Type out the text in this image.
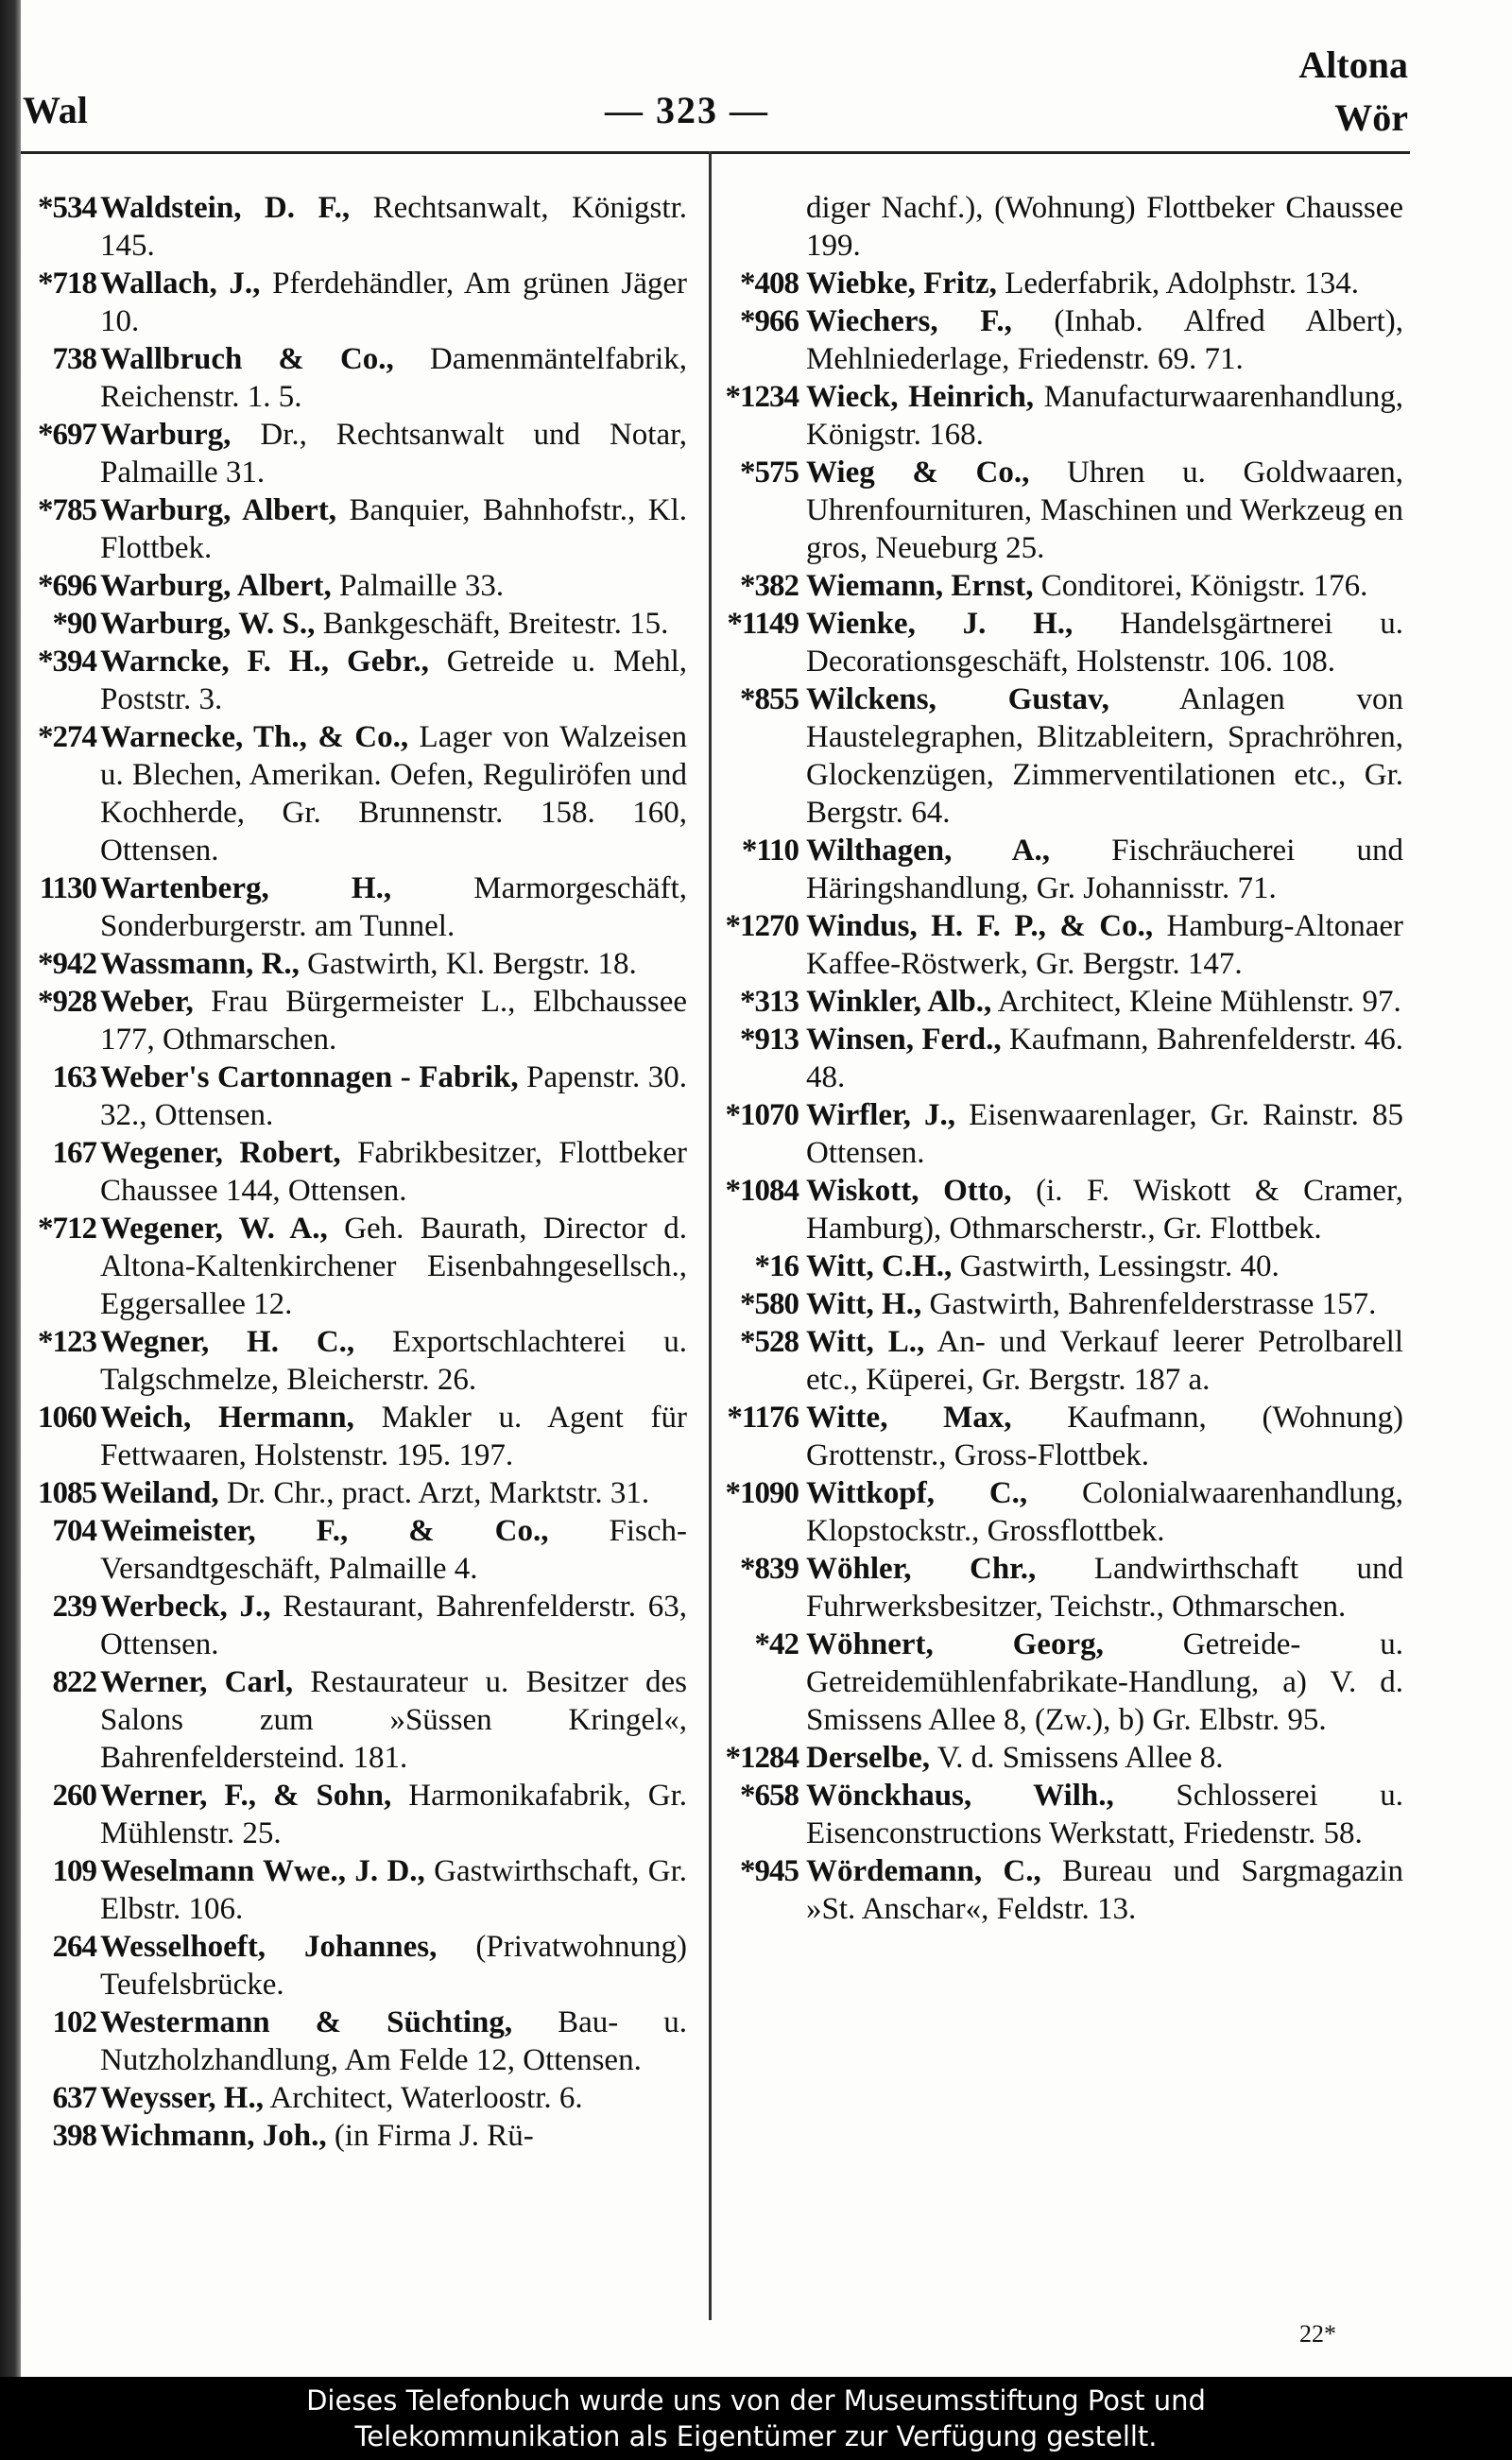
Wal	— 323 —
Altona
Wör
*534 Waldstein, D. F., Rechtsanwalt, Königstr. 145.
*718 Wallach, J., Pferdehändler, Am grünen Jäger 10.
738 Wallbruch & Co., Damenmäntelfabrik, Reichenstr. 1. 5.
*697 Warburg, Dr., Rechtsanwalt und Notar, Palmaille 31.
*785 Warburg, Albert, Banquier, Bahnhofstr., Kl. Flottbek.
*696 Warburg, Albert, Palmaille 33.
*90 Warburg, W. S., Bankgeschäft, Breitestr. 15.
*394 Warncke, F. H., Gebr., Getreide u. Mehl, Poststr. 3.
*274 Warnecke, Th., & Co., Lager von Walzeisen u. Blechen, Amerikan. Oefen, Reguliröfen und Kochherde, Gr. Brunnenstr. 158. 160, Ottensen.
1130 Wartenberg, H.,	Marmorgeschäft, Sonderburgerstr. am Tunnel.
*942 Wassmann, R., Gastwirth, Kl. Bergstr. 18.
*928 Weber, Frau Bürgermeister L., Elbchaussee 177, Othmarschen.
163 Weber's Cartonnagen - Fabrik, Papenstr. 30. 32., Ottensen.
167 Wegener, Robert, Fabrikbesitzer, Flottbeker Chaussee 144, Ottensen.
*712 Wegener, W. A., Geh. Baurath, Director d. Altona-Kaltenkirchener Eisenbahngesellsch., Eggersallee 12.
*123 Wegner, H. C., Exportschlachterei u. Talgschmelze, Bleicherstr. 26.
1060 Weich, Hermann, Makler u. Agent für Fettwaaren, Holstenstr. 195. 197.
1085 Weiland, Dr. Chr., pract. Arzt, Marktstr. 31.
704 Weimeister, F., & Co., Fisch-Versandtgeschäft, Palmaille 4.
239 Werbeck, J., Restaurant, Bahrenfelderstr. 63, Ottensen.
822 Werner, Carl, Restaurateur u. Besitzer des Salons zum »Süssen Kringel«, Bahrenfeldersteind. 181.
260 Werner, F., & Sohn, Harmonikafabrik, Gr. Mühlenstr. 25.
109 Weselmann Wwe., J. D., Gastwirthschaft, Gr. Elbstr. 106.
264 Wesselhoeft, Johannes, (Privatwohnung) Teufelsbrücke.
102 Westermann & Süchting, Bau- u. Nutzholzhandlung, Am Felde 12, Ottensen.
637 Weysser, H., Architect, Waterloostr. 6.
398 Wichmann, Joh., (in Firma J. Rü-
diger Nachf.), (Wohnung) Flottbeker Chaussee 199.
*408 Wiebke, Fritz, Lederfabrik, Adolphstr. 134.
*966 Wiechers, F., (Inhab. Alfred Albert), Mehlniederlage, Friedenstr. 69. 71.
*1234 Wieck, Heinrich, Manufacturwaarenhandlung, Königstr. 168.
*575 Wieg & Co., Uhren u. Goldwaaren, Uhrenfournituren, Maschinen und Werkzeug en gros, Neueburg 25.
*382 Wiemann, Ernst, Conditorei, Königstr. 176.
*1149 Wienke, J. H., Handelsgärtnerei u. Decorationsgeschäft, Holstenstr. 106. 108.
*855 Wilckens, Gustav, Anlagen von Haustelegraphen, Blitzableitern, Sprachröhren, Glockenzügen, Zimmerventilationen etc., Gr. Bergstr. 64.
*110 Wilthagen, A., Fischräucherei und Häringshandlung, Gr. Johannisstr. 71.
*1270 Windus, H. F. P., & Co., Hamburg-Altonaer Kaffee-Röstwerk, Gr. Bergstr. 147.
*313 Winkler, Alb., Architect, Kleine Mühlenstr. 97.
*913 Winsen, Ferd., Kaufmann, Bahrenfelderstr. 46. 48.
*1070 Wirfler, J., Eisenwaarenlager, Gr. Rainstr. 85 Ottensen.
*1084 Wiskott, Otto, (i. F. Wiskott & Cramer, Hamburg), Othmarscherstr., Gr. Flottbek.
*16 Witt, C.H., Gastwirth, Lessingstr. 40.
*580 Witt, H., Gastwirth, Bahrenfelderstrasse 157.
*528 Witt, L., An- und Verkauf leerer Petrolbarell etc., Küperei, Gr. Bergstr. 187 a.
*1176 Witte, Max, Kaufmann, (Wohnung) Grottenstr., Gross-Flottbek.
*1090 Wittkopf, C., Colonialwaarenhandlung, Klopstockstr., Grossflottbek.
*839 Wöhler, Chr., Landwirthschaft und Fuhrwerksbesitzer, Teichstr., Othmarschen.
*42 Wöhnert, Georg,	Getreide- u. Getreidemühlenfabrikate-Handlung, a) V. d. Smissens Allee 8, (Zw.), b) Gr. Elbstr. 95.
*1284 Derselbe, V. d. Smissens Allee 8.
*658 Wönckhaus, Wilh., Schlosserei u. Eisenconstructions Werkstatt, Friedenstr. 58.
*945 Wördemann, C., Bureau und Sargmagazin »St. Anschar«, Feldstr. 13.
22*
Dieses Telefonbuch wurde uns von der Museumsstiftung Post und
Telekommunikation als Eigentümer zur Verfügung gestellt.
